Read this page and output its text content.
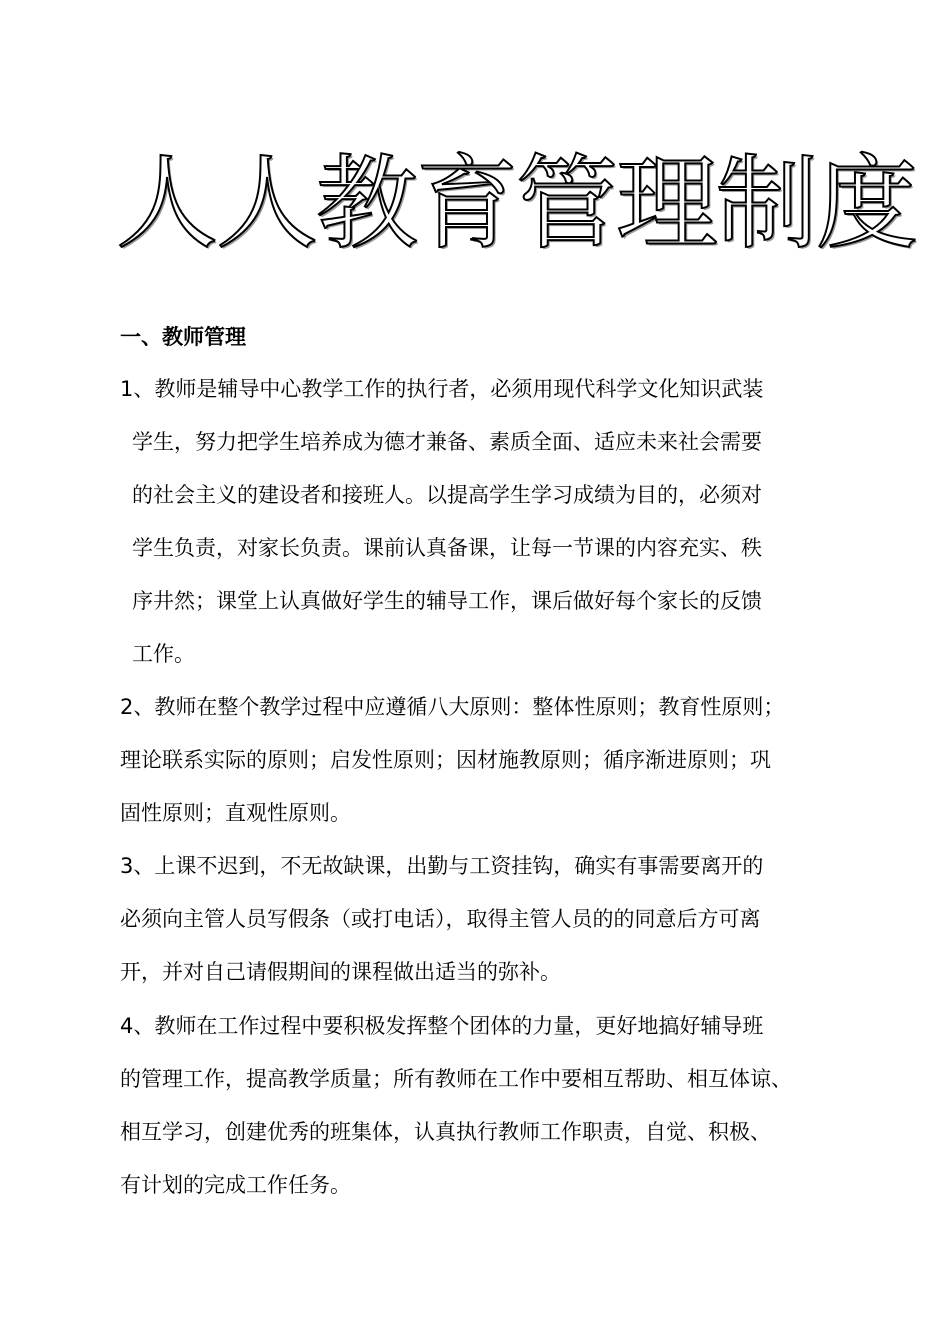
人人教育管理制度
一、教师管理
1、教师是辅导中心教学工作的执行者，必须用现代科学文化知识武装
学生，努力把学生培养成为德才兼备、素质全面、适应未来社会需要
的社会主义的建设者和接班人。以提高学生学习成绩为目的，必须对
学生负责，对家长负责。课前认真备课，让每一节课的内容充实、秩
序井然；课堂上认真做好学生的辅导工作，课后做好每个家长的反馈
工作。
2、教师在整个教学过程中应遵循八大原则：整体性原则；教育性原则；
理论联系实际的原则；启发性原则；因材施教原则；循序渐进原则；巩
固性原则；直观性原则。
3、上课不迟到，不无故缺课，出勤与工资挂钩，确实有事需要离开的
必须向主管人员写假条（或打电话），取得主管人员的的同意后方可离
开，并对自己请假期间的课程做出适当的弥补。
4、教师在工作过程中要积极发挥整个团体的力量，更好地搞好辅导班
的管理工作，提高教学质量；所有教师在工作中要相互帮助、相互体谅、
相互学习，创建优秀的班集体，认真执行教师工作职责，自觉、积极、
有计划的完成工作任务。
